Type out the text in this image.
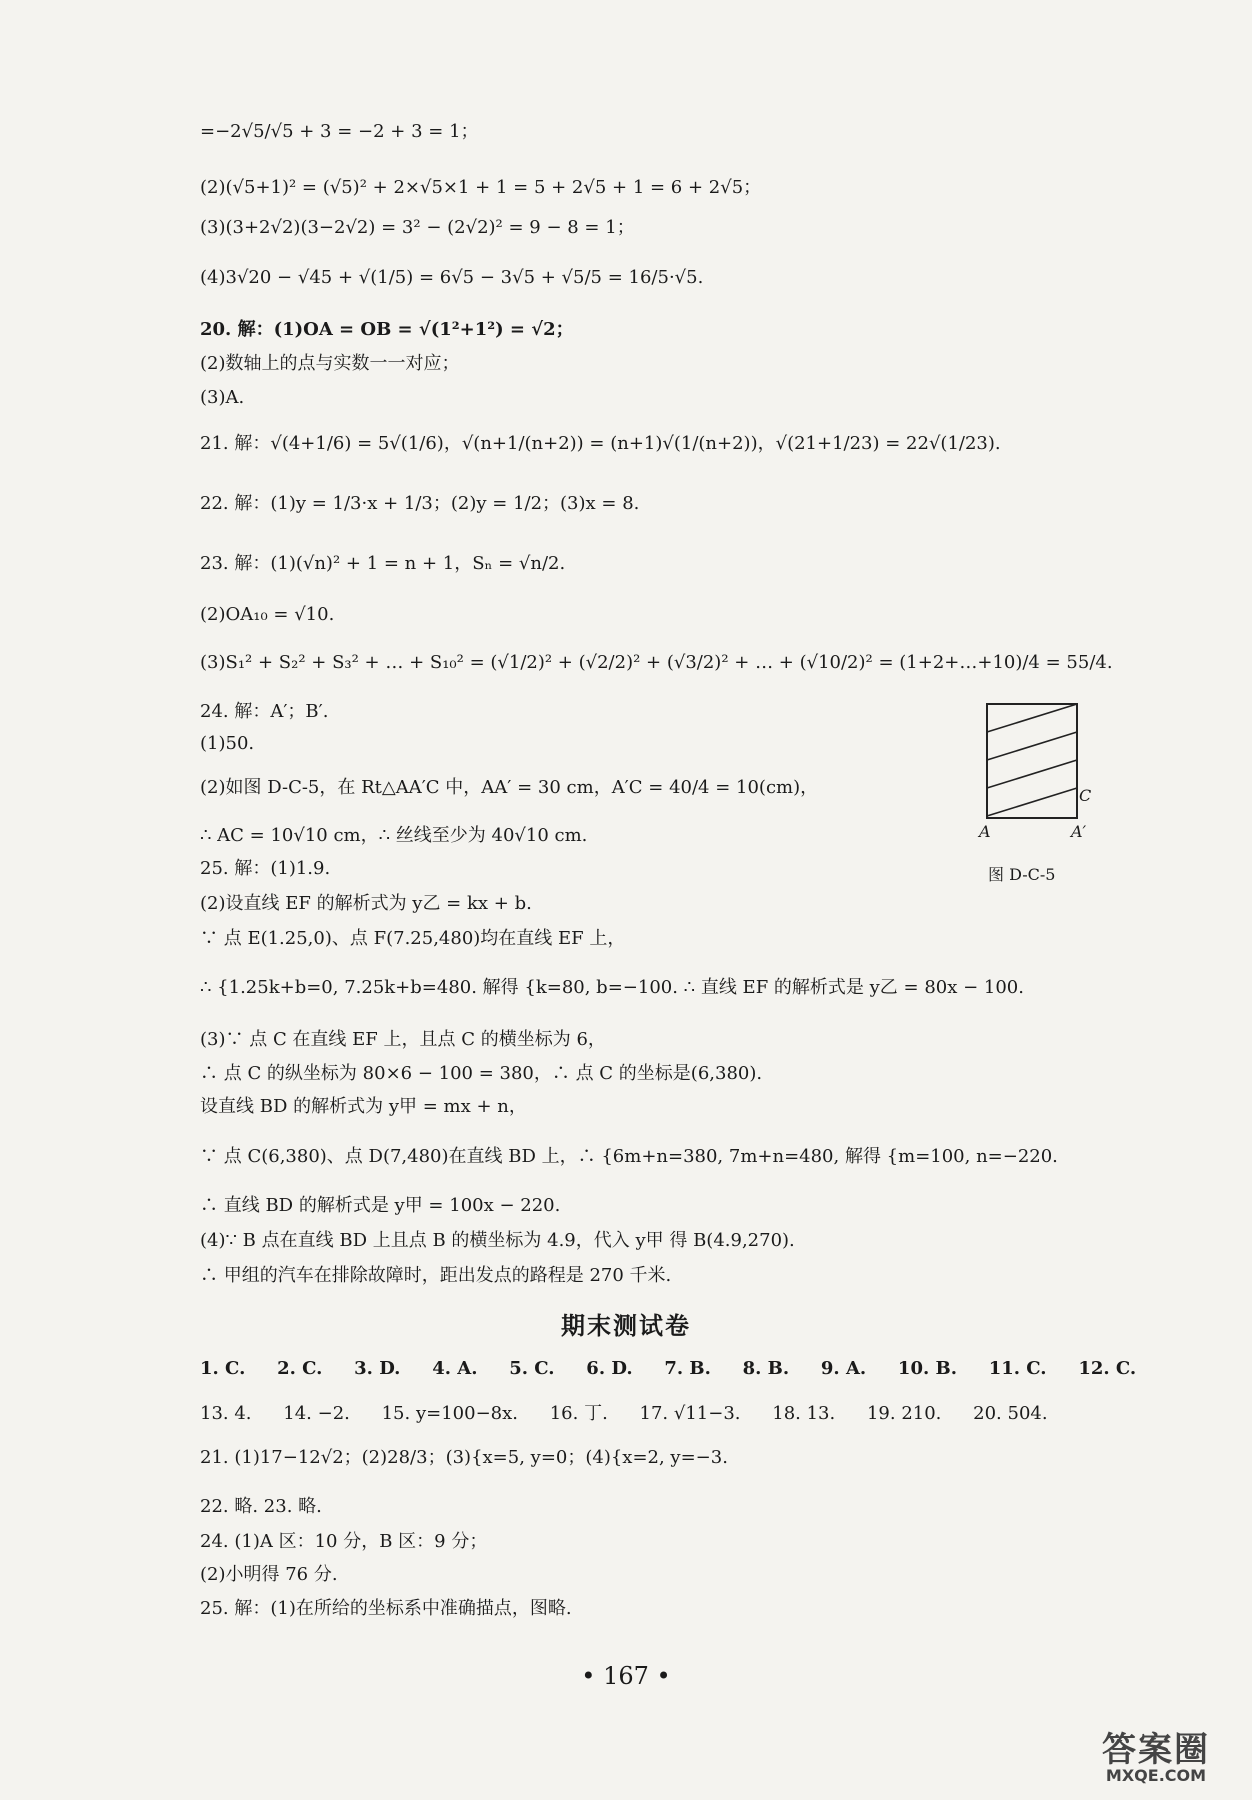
=−2√5/√5 + 3 = −2 + 3 = 1；
(2)(√5+1)² = (√5)² + 2×√5×1 + 1 = 5 + 2√5 + 1 = 6 + 2√5；
(3)(3+2√2)(3−2√2) = 3² − (2√2)² = 9 − 8 = 1；
(4)3√20 − √45 + √(1/5) = 6√5 − 3√5 + √5/5 = 16/5·√5.
20. 解：(1)OA = OB = √(1²+1²) = √2；
(2)数轴上的点与实数一一对应；
(3)A.
21. 解：√(4+1/6) = 5√(1/6)，√(n+1/(n+2)) = (n+1)√(1/(n+2))，√(21+1/23) = 22√(1/23).
22. 解：(1)y = 1/3·x + 1/3；(2)y = 1/2；(3)x = 8.
23. 解：(1)(√n)² + 1 = n + 1，Sₙ = √n/2.
(2)OA₁₀ = √10.
(3)S₁² + S₂² + S₃² + … + S₁₀² = (√1/2)² + (√2/2)² + (√3/2)² + … + (√10/2)² = (1+2+…+10)/4 = 55/4.
24. 解：A′；B′.
(1)50.
(2)如图 D-C-5，在 Rt△AA′C 中，AA′ = 30 cm，A′C = 40/4 = 10(cm)，
∴ AC = 10√10 cm，∴ 丝线至少为 40√10 cm.
25. 解：(1)1.9.
(2)设直线 EF 的解析式为 y乙 = kx + b.
∵ 点 E(1.25,0)、点 F(7.25,480)均在直线 EF 上，
∴ {1.25k+b=0, 7.25k+b=480. 解得 {k=80, b=−100. ∴ 直线 EF 的解析式是 y乙 = 80x − 100.
(3)∵ 点 C 在直线 EF 上，且点 C 的横坐标为 6，
∴ 点 C 的纵坐标为 80×6 − 100 = 380，∴ 点 C 的坐标是(6,380).
设直线 BD 的解析式为 y甲 = mx + n，
∵ 点 C(6,380)、点 D(7,480)在直线 BD 上，∴ {6m+n=380, 7m+n=480, 解得 {m=100, n=−220.
∴ 直线 BD 的解析式是 y甲 = 100x − 220.
(4)∵ B 点在直线 BD 上且点 B 的横坐标为 4.9，代入 y甲 得 B(4.9,270).
∴ 甲组的汽车在排除故障时，距出发点的路程是 270 千米.
C
A	A′
图 D-C-5
期末测试卷
1. C. 2. C. 3. D. 4. A. 5. C. 6. D. 7. B. 8. B. 9. A. 10. B. 11. C. 12. C.
13. 4. 14. −2. 15. y=100−8x. 16. 丁. 17. √11−3. 18. 13. 19. 210. 20. 504.
21. (1)17−12√2；(2)28/3；(3){x=5, y=0；(4){x=2, y=−3.
22. 略. 23. 略.
24. (1)A 区：10 分，B 区：9 分；
(2)小明得 76 分.
25. 解：(1)在所给的坐标系中准确描点，图略.
• 167 •
答案圈
MXQE.COM
